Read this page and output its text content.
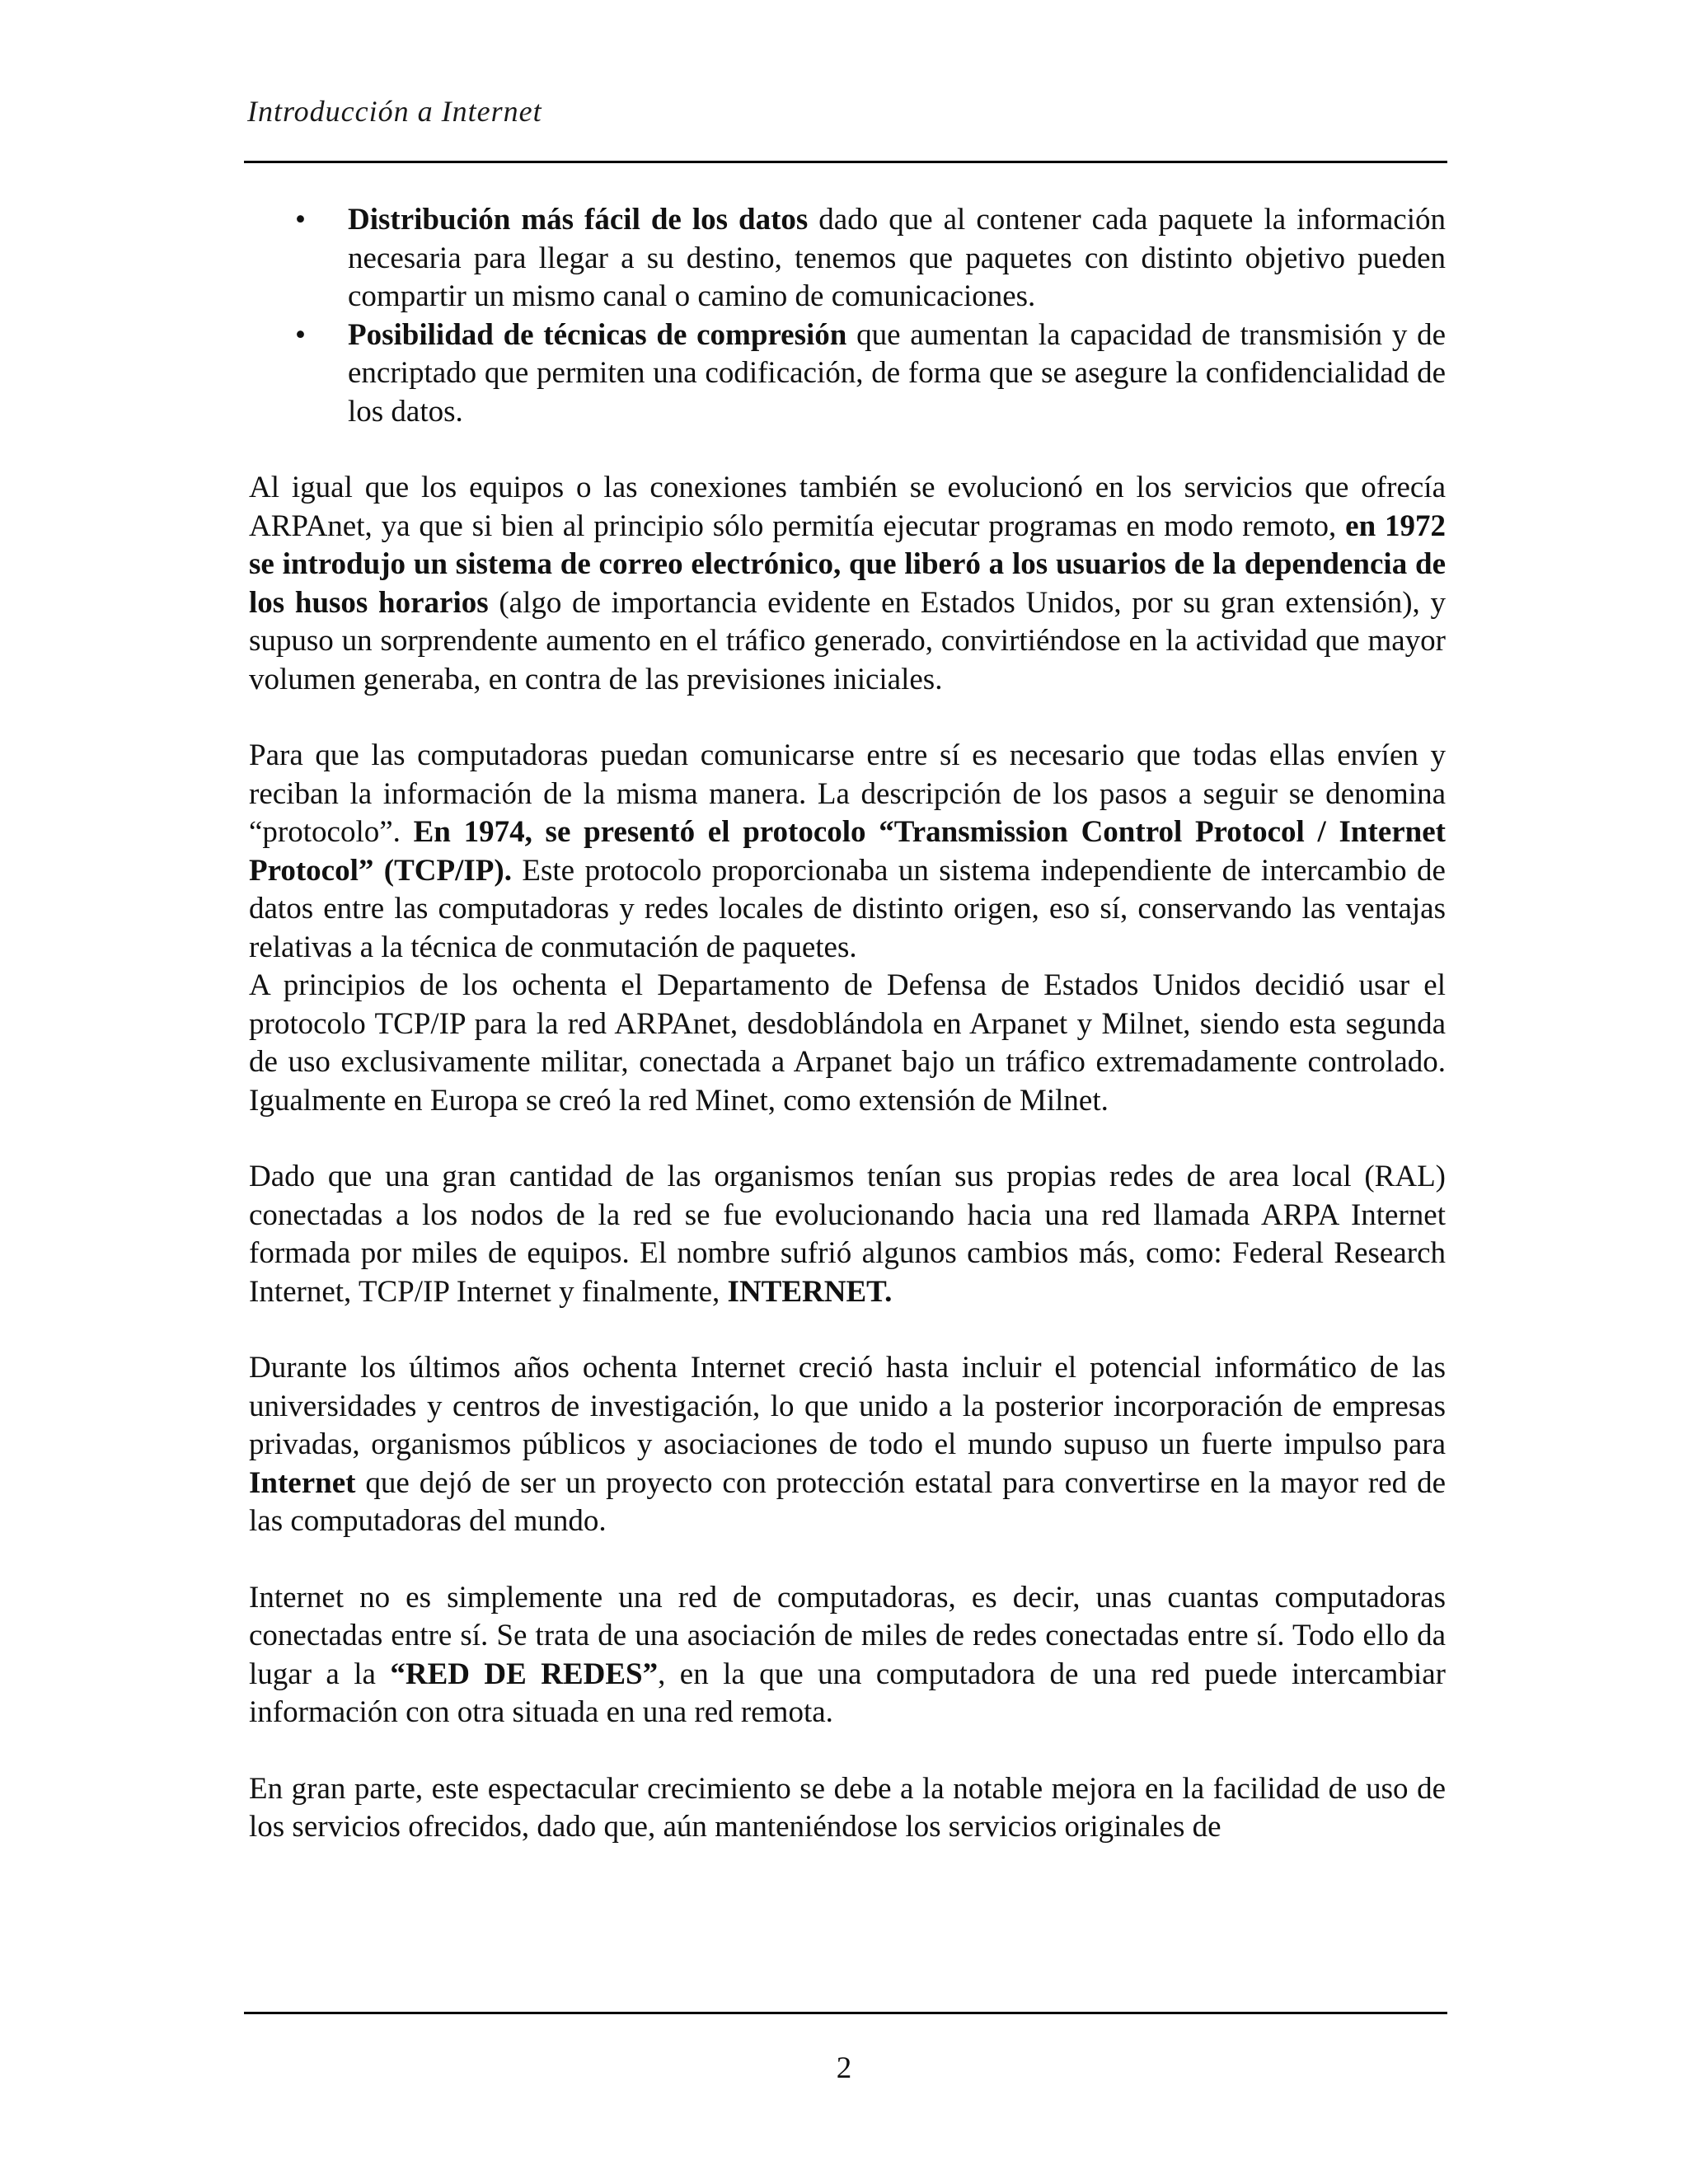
Introducción a Internet
• Distribución más fácil de los datos dado que al contener cada paquete la información necesaria para llegar a su destino, tenemos que paquetes con distinto objetivo pueden compartir un mismo canal o camino de comunicaciones.
• Posibilidad de técnicas de compresión que aumentan la capacidad de transmisión y de encriptado que permiten una codificación, de forma que se asegure la confidencialidad de los datos.

Al igual que los equipos o las conexiones también se evolucionó en los servicios que ofrecía ARPAnet, ya que si bien al principio sólo permitía ejecutar programas en modo remoto, en 1972 se introdujo un sistema de correo electrónico, que liberó a los usuarios de la dependencia de los husos horarios (algo de importancia evidente en Estados Unidos, por su gran extensión), y supuso un sorprendente aumento en el tráfico generado, convirtiéndose en la actividad que mayor volumen generaba, en contra de las previsiones iniciales.

Para que las computadoras puedan comunicarse entre sí es necesario que todas ellas envíen y reciban la información de la misma manera. La descripción de los pasos a seguir se denomina “protocolo”. En 1974, se presentó el protocolo “Transmission Control Protocol / Internet Protocol” (TCP/IP). Este protocolo proporcionaba un sistema independiente de intercambio de datos entre las computadoras y redes locales de distinto origen, eso sí, conservando las ventajas relativas a la técnica de conmutación de paquetes.

A principios de los ochenta el Departamento de Defensa de Estados Unidos decidió usar el protocolo TCP/IP para la red ARPAnet, desdoblándola en Arpanet y Milnet, siendo esta segunda de uso exclusivamente militar, conectada a Arpanet bajo un tráfico extremadamente controlado. Igualmente en Europa se creó la red Minet, como extensión de Milnet.

Dado que una gran cantidad de las organismos tenían sus propias redes de area local (RAL) conectadas a los nodos de la red se fue evolucionando hacia una red llamada ARPA Internet formada por miles de equipos. El nombre sufrió algunos cambios más, como: Federal Research Internet, TCP/IP Internet y finalmente, INTERNET.

Durante los últimos años ochenta Internet creció hasta incluir el potencial informático de las universidades y centros de investigación, lo que unido a la posterior incorporación de empresas privadas, organismos públicos y asociaciones de todo el mundo supuso un fuerte impulso para Internet que dejó de ser un proyecto con protección estatal para convertirse en la mayor red de las computadoras del mundo.

Internet no es simplemente una red de computadoras, es decir, unas cuantas computadoras conectadas entre sí. Se trata de una asociación de miles de redes conectadas entre sí. Todo ello da lugar a la “RED DE REDES”, en la que una computadora de una red puede intercambiar información con otra situada en una red remota.

En gran parte, este espectacular crecimiento se debe a la notable mejora en la facilidad de uso de los servicios ofrecidos, dado que, aún manteniéndose los servicios originales de

2
